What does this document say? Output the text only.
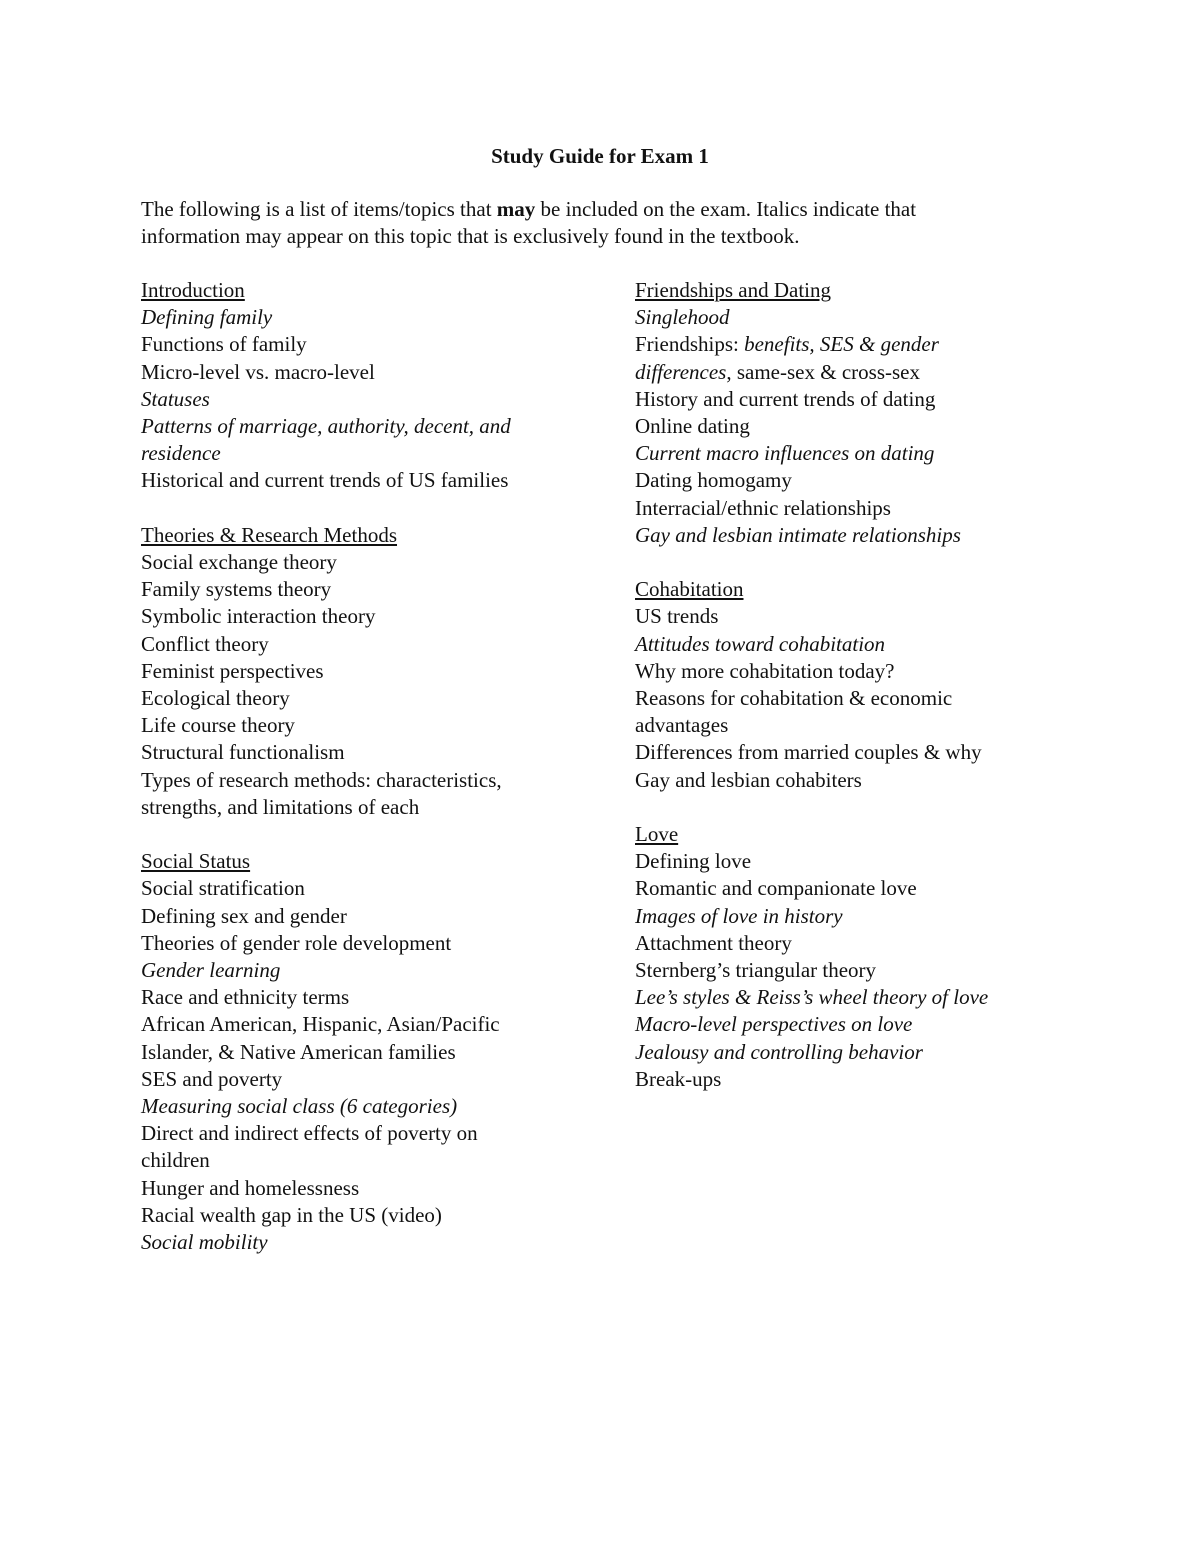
Study Guide for Exam 1
The following is a list of items/topics that may be included on the exam. Italics indicate that
information may appear on this topic that is exclusively found in the textbook.
Introduction
Defining family
Functions of family
Micro-level vs. macro-level
Statuses
Patterns of marriage, authority, decent, and
residence
Historical and current trends of US families
Theories & Research Methods
Social exchange theory
Family systems theory
Symbolic interaction theory
Conflict theory
Feminist perspectives
Ecological theory
Life course theory
Structural functionalism
Types of research methods: characteristics,
strengths, and limitations of each
Social Status
Social stratification
Defining sex and gender
Theories of gender role development
Gender learning
Race and ethnicity terms
African American, Hispanic, Asian/Pacific
Islander, & Native American families
SES and poverty
Measuring social class (6 categories)
Direct and indirect effects of poverty on
children
Hunger and homelessness
Racial wealth gap in the US (video)
Social mobility
Friendships and Dating
Singlehood
Friendships: benefits, SES & gender
differences, same-sex & cross-sex
History and current trends of dating
Online dating
Current macro influences on dating
Dating homogamy
Interracial/ethnic relationships
Gay and lesbian intimate relationships
Cohabitation
US trends
Attitudes toward cohabitation
Why more cohabitation today?
Reasons for cohabitation & economic
advantages
Differences from married couples & why
Gay and lesbian cohabiters
Love
Defining love
Romantic and companionate love
Images of love in history
Attachment theory
Sternberg’s triangular theory
Lee’s styles & Reiss’s wheel theory of love
Macro-level perspectives on love
Jealousy and controlling behavior
Break-ups
